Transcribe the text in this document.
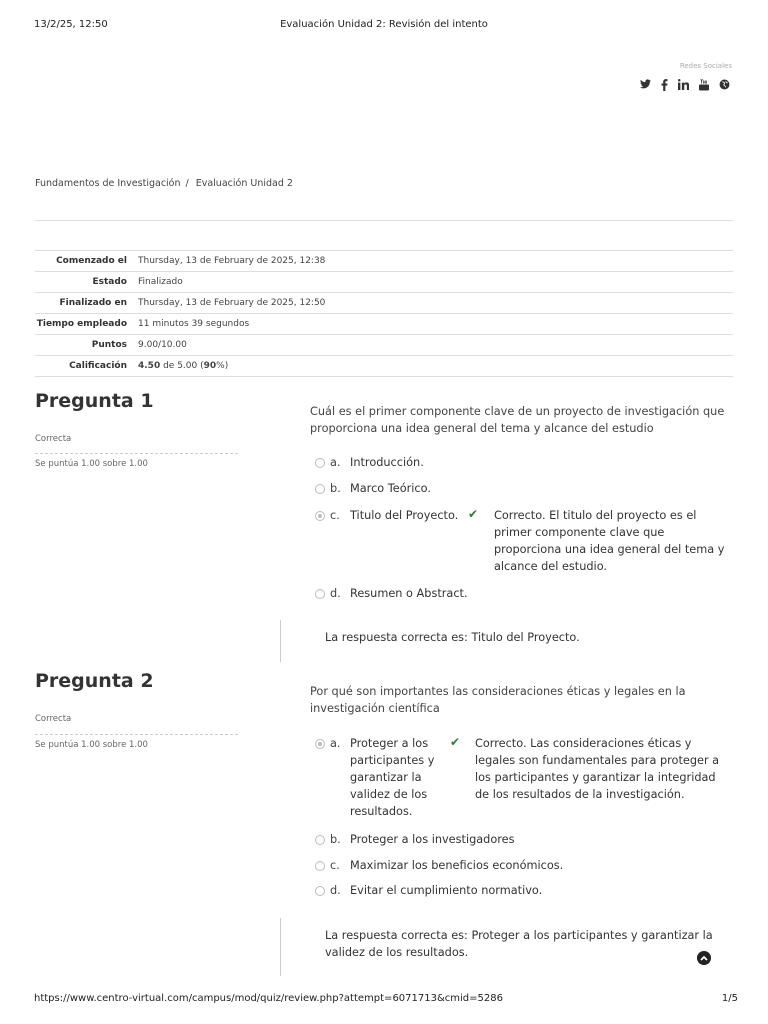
13/2/25, 12:50	Evaluación Unidad 2: Revisión del intento
Redes Sociales
Fundamentos de Investigación / Evaluación Unidad 2
Comenzado el	Thursday, 13 de February de 2025, 12:38
Estado	Finalizado
Finalizado en	Thursday, 13 de February de 2025, 12:50
Tiempo empleado	11 minutos 39 segundos
Puntos	9.00/10.00
Calificación	4.50 de 5.00 (90%)
Pregunta 1
Correcta
Se puntúa 1.00 sobre 1.00
Cuál es el primer componente clave de un proyecto de investigación que proporciona una idea general del tema y alcance del estudio
a. Introducción.
b. Marco Teórico.
c. Titulo del Proyecto. ✔ Correcto. El titulo del proyecto es el primer componente clave que proporciona una idea general del tema y alcance del estudio.
d. Resumen o Abstract.
La respuesta correcta es: Titulo del Proyecto.
Pregunta 2
Correcta
Se puntúa 1.00 sobre 1.00
Por qué son importantes las consideraciones éticas y legales en la investigación científica
a. Proteger a los participantes y garantizar la validez de los resultados.
✔ Correcto. Las consideraciones éticas y legales son fundamentales para proteger a los participantes y garantizar la integridad de los resultados de la investigación.
b. Proteger a los investigadores
c. Maximizar los beneficios económicos.
d. Evitar el cumplimiento normativo.
La respuesta correcta es: Proteger a los participantes y garantizar la validez de los resultados.
https://www.centro-virtual.com/campus/mod/quiz/review.php?attempt=6071713&cmid=5286	1/5
